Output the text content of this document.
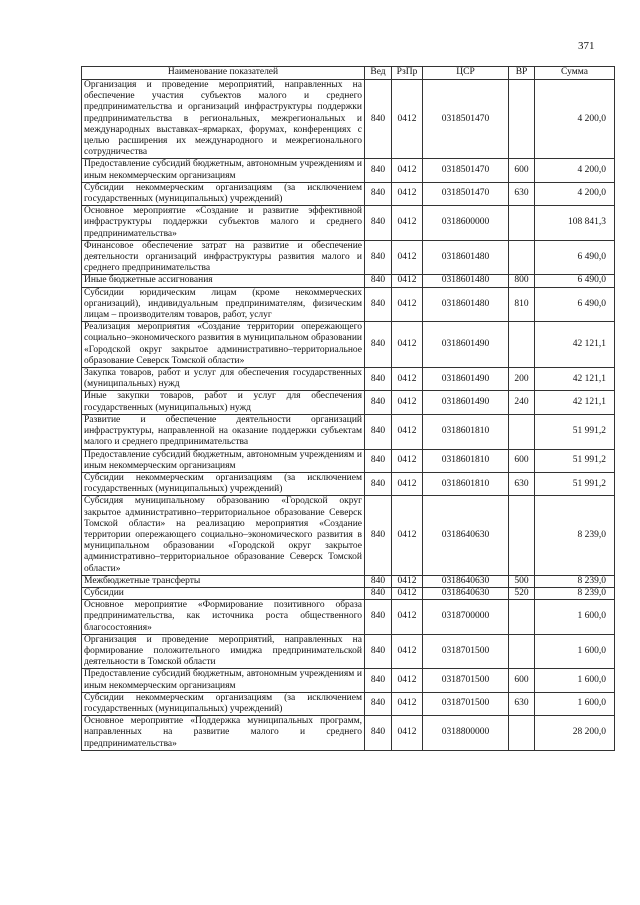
371
Наименование показателей	Вед	РзПр	ЦСР	ВР	Сумма
Организация и проведение мероприятий, направленных на обеспечение участия субъектов малого и среднего предпринимательства и организаций инфраструктуры поддержки предпринимательства в региональных, межрегиональных и международных выставках–ярмарках, форумах, конференциях с целью расширения их международного и межрегионального сотрудничества	840	0412	0318501470		4 200,0
Предоставление субсидий бюджетным, автономным учреждениям и иным некоммерческим организациям	840	0412	0318501470	600	4 200,0
Субсидии некоммерческим организациям (за исключением государственных (муниципальных) учреждений)	840	0412	0318501470	630	4 200,0
Основное мероприятие «Создание и развитие эффективной инфраструктуры поддержки субъектов малого и среднего предпринимательства»	840	0412	0318600000		108 841,3
Финансовое обеспечение затрат на развитие и обеспечение деятельности организаций инфраструктуры развития малого и среднего предпринимательства	840	0412	0318601480		6 490,0
Иные бюджетные ассигнования	840	0412	0318601480	800	6 490,0
Субсидии юридическим лицам (кроме некоммерческих организаций), индивидуальным предпринимателям, физическим лицам – производителям товаров, работ, услуг	840	0412	0318601480	810	6 490,0
Реализация мероприятия «Создание территории опережающего социально–экономического развития в муниципальном образовании «Городской округ закрытое административно–территориальное образование Северск Томской области»	840	0412	0318601490		42 121,1
Закупка товаров, работ и услуг для обеспечения государственных (муниципальных) нужд	840	0412	0318601490	200	42 121,1
Иные закупки товаров, работ и услуг для обеспечения государственных (муниципальных) нужд	840	0412	0318601490	240	42 121,1
Развитие и обеспечение деятельности организаций инфраструктуры, направленной на оказание поддержки субъектам малого и среднего предпринимательства	840	0412	0318601810		51 991,2
Предоставление субсидий бюджетным, автономным учреждениям и иным некоммерческим организациям	840	0412	0318601810	600	51 991,2
Субсидии некоммерческим организациям (за исключением государственных (муниципальных) учреждений)	840	0412	0318601810	630	51 991,2
Субсидия муниципальному образованию «Городской округ закрытое административно–территориальное образование Северск Томской области» на реализацию мероприятия «Создание территории опережающего социально–экономического развития в муниципальном образовании «Городской округ закрытое административно–территориальное образование Северск Томской области»	840	0412	0318640630		8 239,0
Межбюджетные трансферты	840	0412	0318640630	500	8 239,0
Субсидии	840	0412	0318640630	520	8 239,0
Основное мероприятие «Формирование позитивного образа предпринимательства, как источника роста общественного благосостояния»	840	0412	0318700000		1 600,0
Организация и проведение мероприятий, направленных на формирование положительного имиджа предпринимательской деятельности в Томской области	840	0412	0318701500		1 600,0
Предоставление субсидий бюджетным, автономным учреждениям и иным некоммерческим организациям	840	0412	0318701500	600	1 600,0
Субсидии некоммерческим организациям (за исключением государственных (муниципальных) учреждений)	840	0412	0318701500	630	1 600,0
Основное мероприятие «Поддержка муниципальных программ, направленных на развитие малого и среднего предпринимательства»	840	0412	0318800000		28 200,0
